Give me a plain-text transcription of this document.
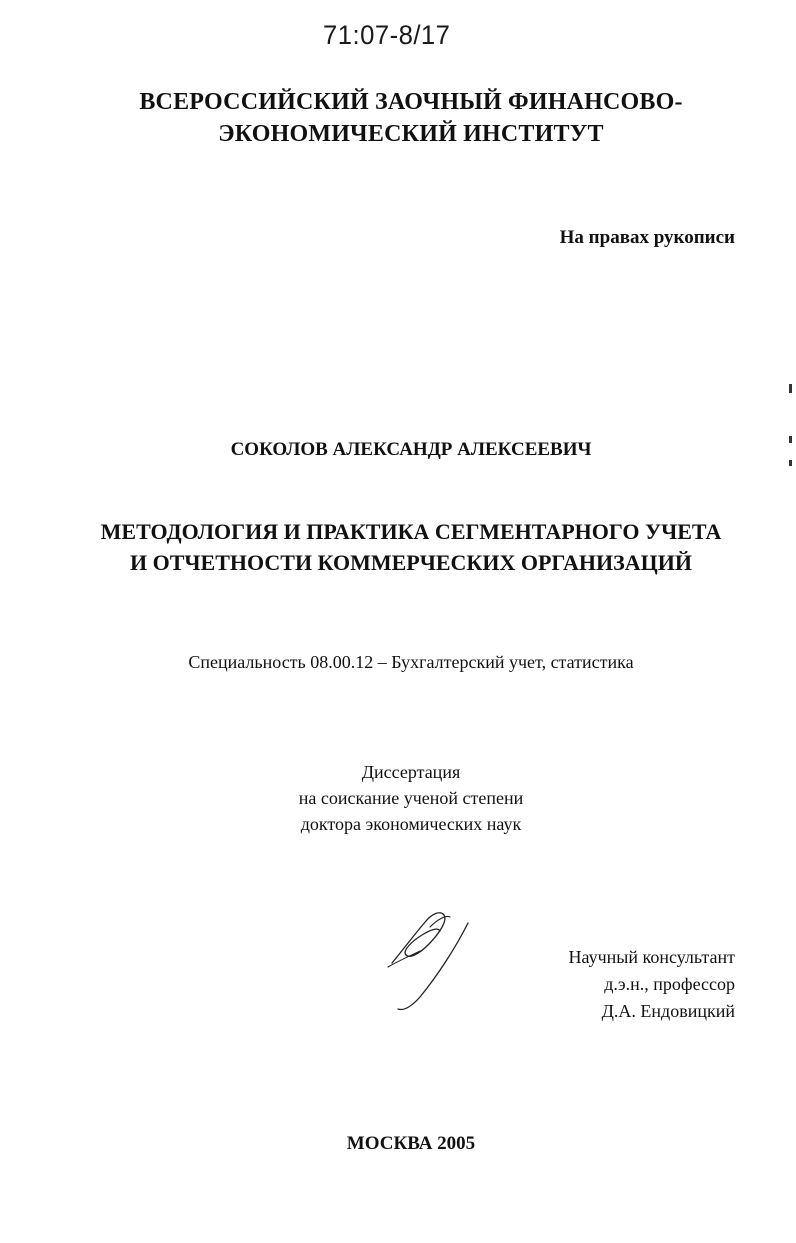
71:07-8/17
ВСЕРОССИЙСКИЙ ЗАОЧНЫЙ ФИНАНСОВО-
ЭКОНОМИЧЕСКИЙ ИНСТИТУТ
На правах рукописи
СОКОЛОВ АЛЕКСАНДР АЛЕКСЕЕВИЧ
МЕТОДОЛОГИЯ И ПРАКТИКА СЕГМЕНТАРНОГО УЧЕТА
И ОТЧЕТНОСТИ КОММЕРЧЕСКИХ ОРГАНИЗАЦИЙ
Специальность 08.00.12 – Бухгалтерский учет, статистика
Диссертация
на соискание ученой степени
доктора экономических наук
Научный консультант
д.э.н., профессор
Д.А. Ендовицкий
МОСКВА 2005
